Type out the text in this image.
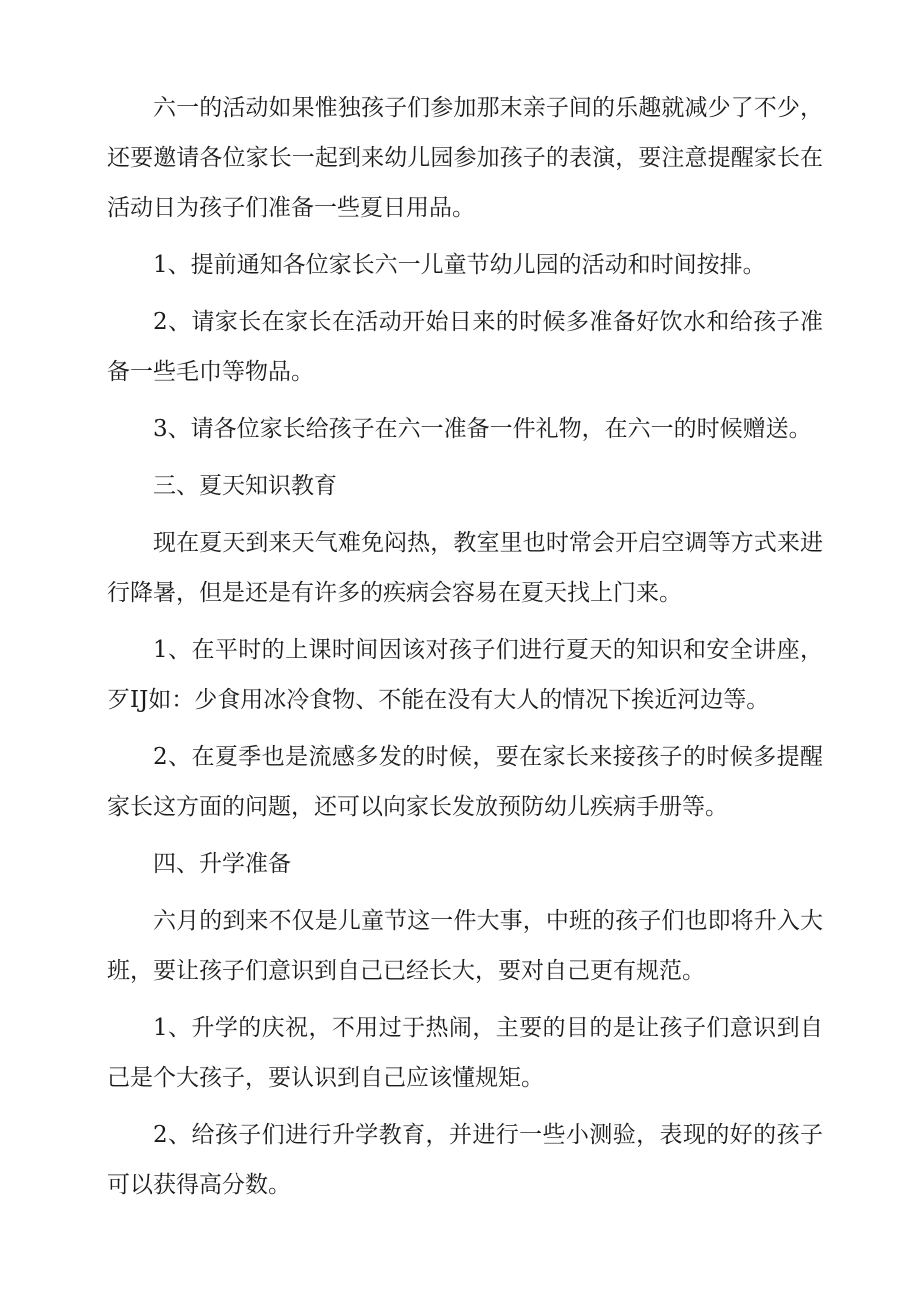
六一的活动如果惟独孩子们参加那末亲子间的乐趣就减少了不少，还要邀请各位家长一起到来幼儿园参加孩子的表演，要注意提醒家长在活动日为孩子们准备一些夏日用品。

1、提前通知各位家长六一儿童节幼儿园的活动和时间按排。

2、请家长在家长在活动开始日来的时候多准备好饮水和给孩子准备一些毛巾等物品。

3、请各位家长给孩子在六一准备一件礼物，在六一的时候赠送。

三、夏天知识教育

现在夏天到来天气难免闷热，教室里也时常会开启空调等方式来进行降暑，但是还是有许多的疾病会容易在夏天找上门来。

1、在平时的上课时间因该对孩子们进行夏天的知识和安全讲座，歹IJ如：少食用冰冷食物、不能在没有大人的情况下挨近河边等。

2、在夏季也是流感多发的时候，要在家长来接孩子的时候多提醒家长这方面的问题，还可以向家长发放预防幼儿疾病手册等。

四、升学准备

六月的到来不仅是儿童节这一件大事，中班的孩子们也即将升入大班，要让孩子们意识到自己已经长大，要对自己更有规范。

1、升学的庆祝，不用过于热闹，主要的目的是让孩子们意识到自己是个大孩子，要认识到自己应该懂规矩。

2、给孩子们进行升学教育，并进行一些小测验，表现的好的孩子可以获得高分数。
